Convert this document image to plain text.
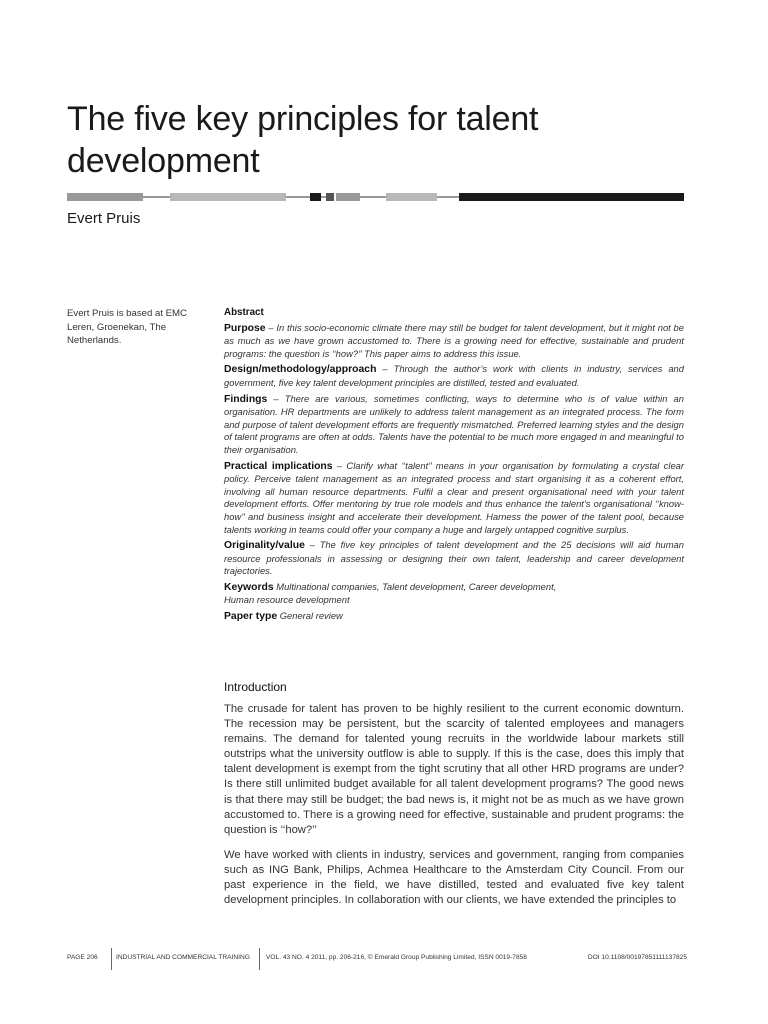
The five key principles for talent development
Evert Pruis
Evert Pruis is based at EMC Leren, Groenekan, The Netherlands.
Abstract
Purpose – In this socio-economic climate there may still be budget for talent development, but it might not be as much as we have grown accustomed to. There is a growing need for effective, sustainable and prudent programs: the question is ‘‘how?’’ This paper aims to address this issue.
Design/methodology/approach – Through the author’s work with clients in industry, services and government, five key talent development principles are distilled, tested and evaluated.
Findings – There are various, sometimes conflicting, ways to determine who is of value within an organisation. HR departments are unlikely to address talent management as an integrated process. The form and purpose of talent development efforts are frequently mismatched. Preferred learning styles and the design of talent programs are often at odds. Talents have the potential to be much more engaged in and meaningful to their organisation.
Practical implications – Clarify what ‘‘talent’’ means in your organisation by formulating a crystal clear policy. Perceive talent management as an integrated process and start organising it as a coherent effort, involving all human resource departments. Fulfil a clear and present organisational need with your talent development efforts. Offer mentoring by true role models and thus enhance the talent’s organisational ‘‘know-how’’ and business insight and accelerate their development. Harness the power of the talent pool, because talents working in teams could offer your company a huge and largely untapped cognitive surplus.
Originality/value – The five key principles of talent development and the 25 decisions will aid human resource professionals in assessing or designing their own talent, leadership and career development trajectories.
Keywords Multinational companies, Talent development, Career development,
Human resource development
Paper type General review
Introduction

The crusade for talent has proven to be highly resilient to the current economic downturn. The recession may be persistent, but the scarcity of talented employees and managers remains. The demand for talented young recruits in the worldwide labour markets still outstrips what the university outflow is able to supply. If this is the case, does this imply that talent development is exempt from the tight scrutiny that all other HRD programs are under? Is there still unlimited budget available for all talent development programs? The good news is that there may still be budget; the bad news is, it might not be as much as we have grown accustomed to. There is a growing need for effective, sustainable and prudent programs: the question is ‘‘how?’’

We have worked with clients in industry, services and government, ranging from companies such as ING Bank, Philips, Achmea Healthcare to the Amsterdam City Council. From our past experience in the field, we have distilled, tested and evaluated five key talent development principles. In collaboration with our clients, we have extended the principles to

PAGE 206	INDUSTRIAL AND COMMERCIAL TRAINING VOL. 43 NO. 4 2011, pp. 206-216, © Emerald Group Publishing Limited, ISSN 0019-7858	DOI 10.1108/00197851111137825
